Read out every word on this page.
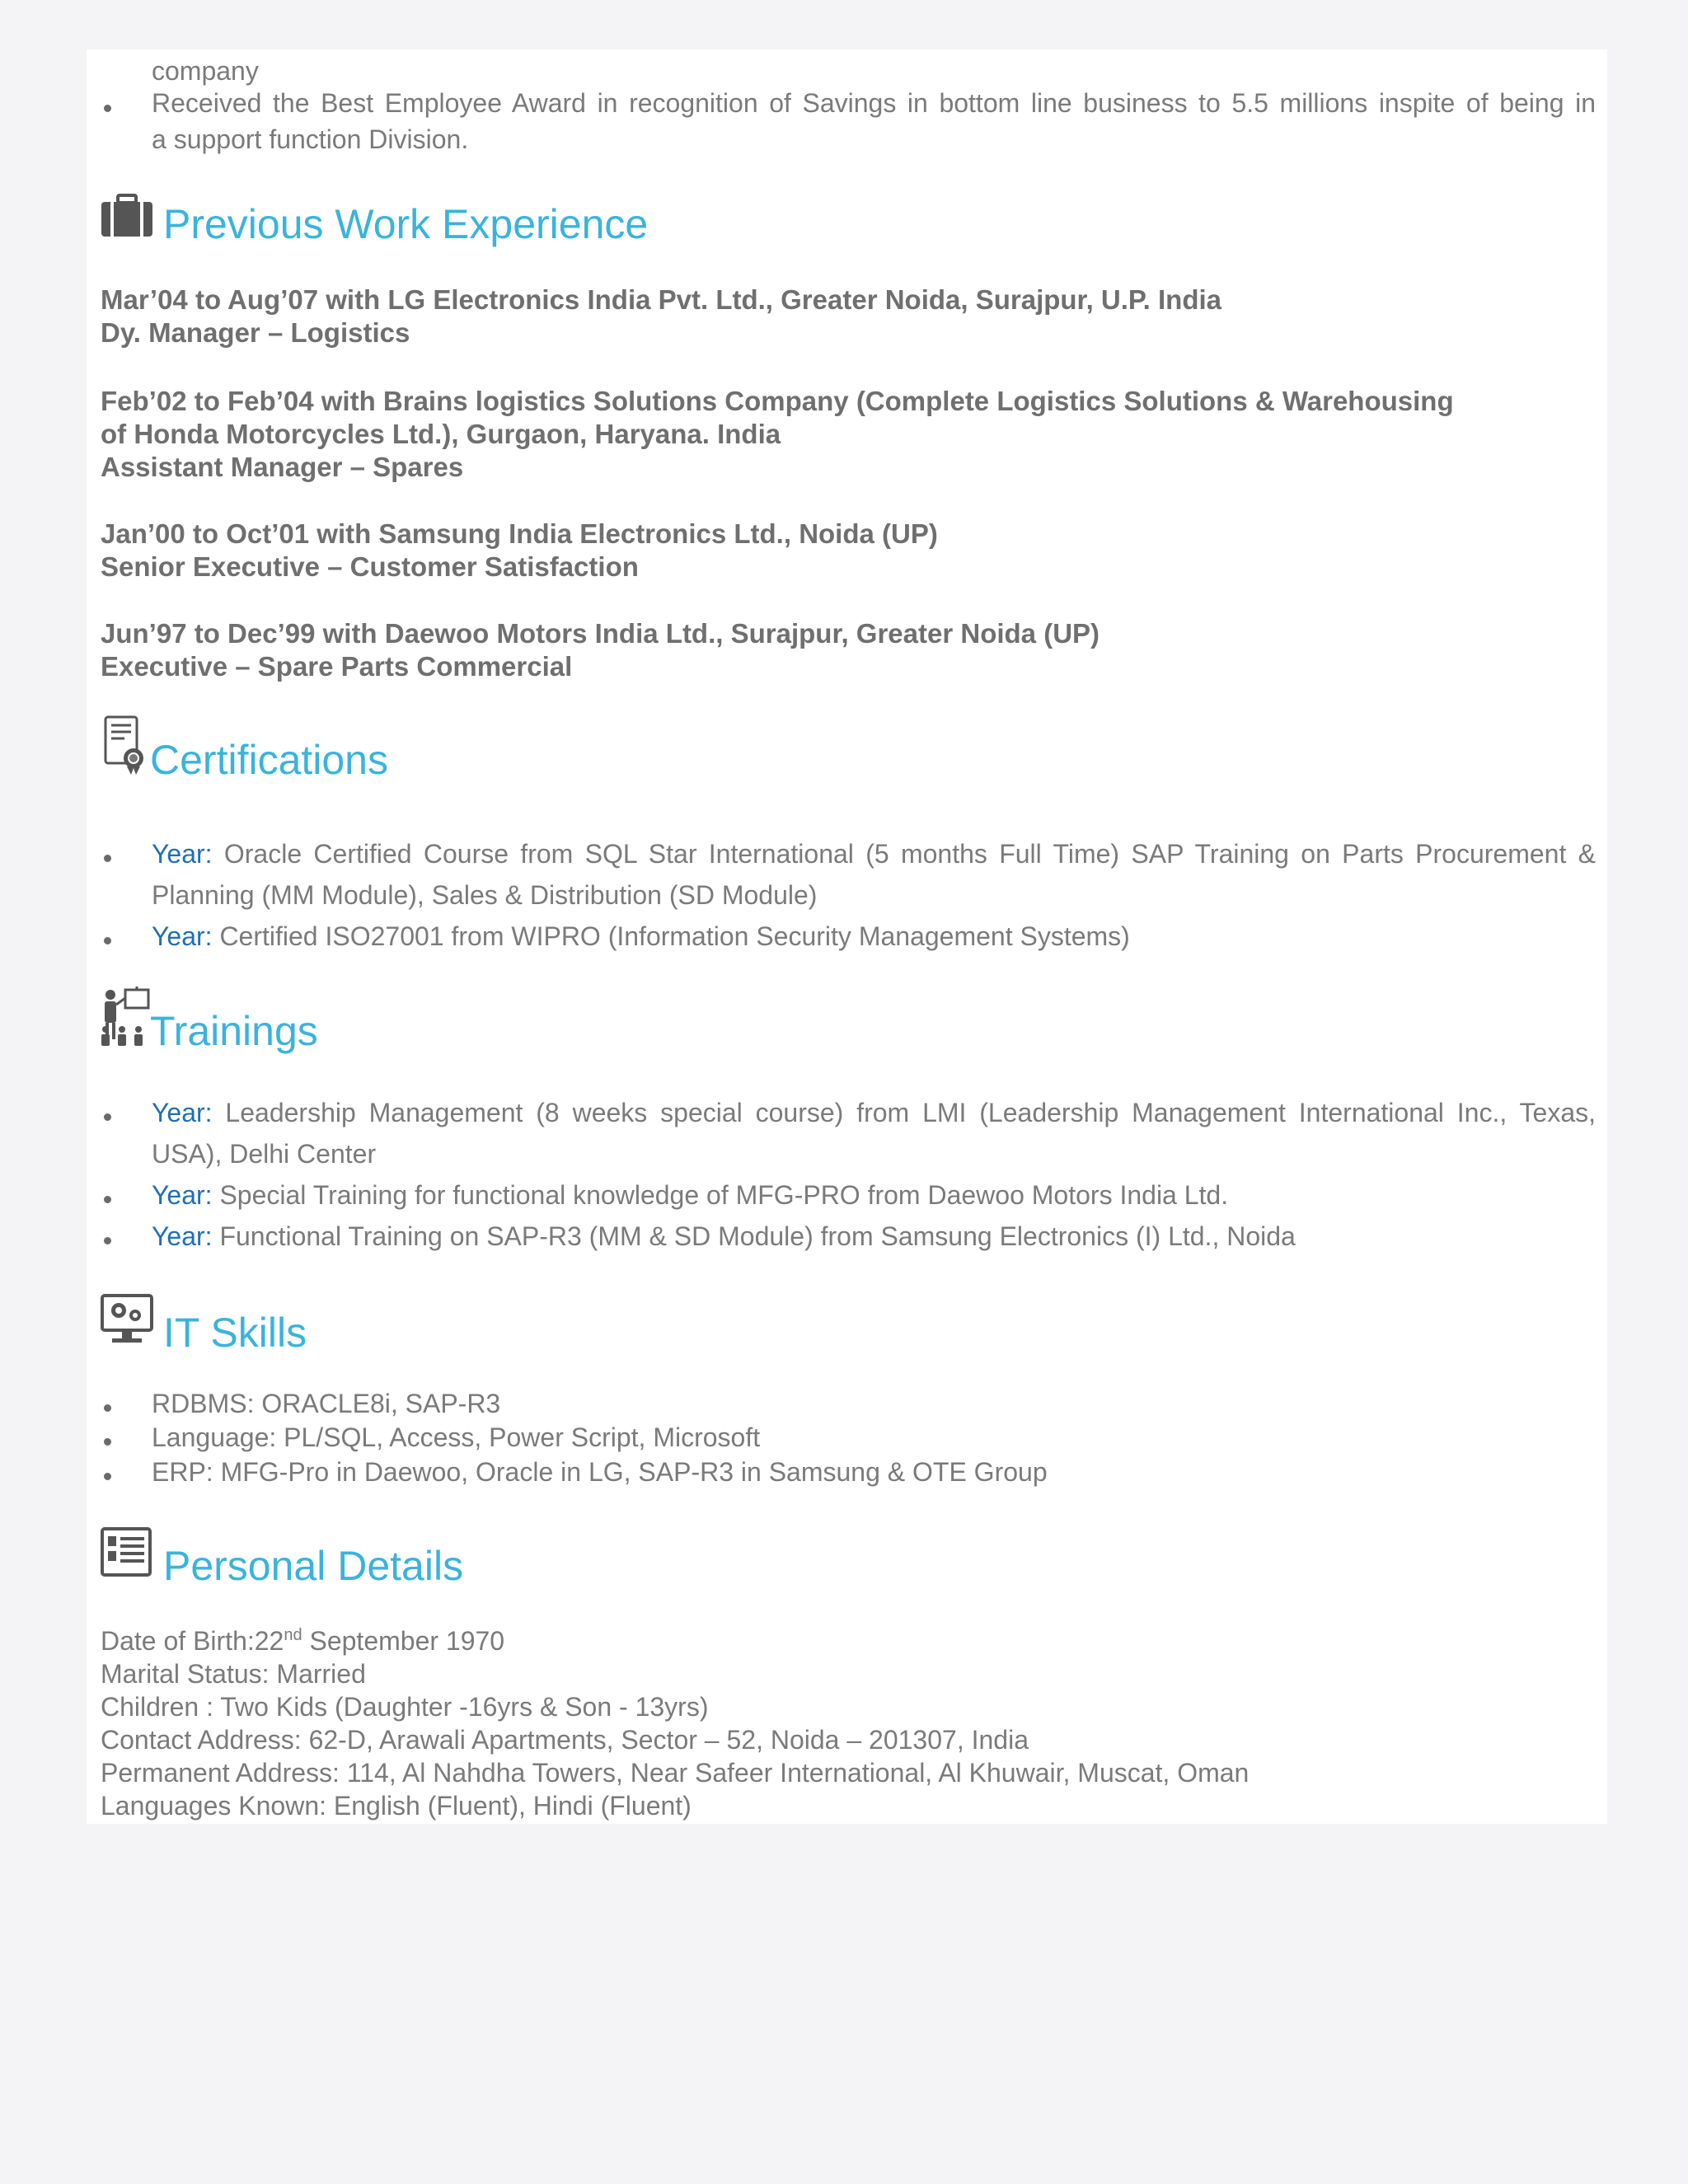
company
Received the Best Employee Award in recognition of Savings in bottom line business to 5.5 millions inspite of being in
a support function Division.
Previous Work Experience
Mar’04 to Aug’07 with LG Electronics India Pvt. Ltd., Greater Noida, Surajpur, U.P. India
Dy. Manager – Logistics
Feb’02 to Feb’04 with Brains logistics Solutions Company (Complete Logistics Solutions & Warehousing
of Honda Motorcycles Ltd.), Gurgaon, Haryana. India
Assistant Manager – Spares
Jan’00 to Oct’01 with Samsung India Electronics Ltd., Noida (UP)
Senior Executive – Customer Satisfaction
Jun’97 to Dec’99 with Daewoo Motors India Ltd., Surajpur, Greater Noida (UP)
Executive – Spare Parts Commercial
Certifications
Year: Oracle Certified Course from SQL Star International (5 months Full Time) SAP Training on Parts Procurement &
Planning (MM Module), Sales & Distribution (SD Module)
Year: Certified ISO27001 from WIPRO (Information Security Management Systems)
Trainings
Year: Leadership Management (8 weeks special course) from LMI (Leadership Management International Inc., Texas,
USA), Delhi Center
Year: Special Training for functional knowledge of MFG-PRO from Daewoo Motors India Ltd.
Year: Functional Training on SAP-R3 (MM & SD Module) from Samsung Electronics (I) Ltd., Noida
IT Skills
RDBMS: ORACLE8i, SAP-R3
Language: PL/SQL, Access, Power Script, Microsoft
ERP: MFG-Pro in Daewoo, Oracle in LG, SAP-R3 in Samsung & OTE Group
Personal Details
Date of Birth:22nd September 1970
Marital Status: Married
Children : Two Kids (Daughter -16yrs & Son - 13yrs)
Contact Address: 62-D, Arawali Apartments, Sector – 52, Noida – 201307, India
Permanent Address: 114, Al Nahdha Towers, Near Safeer International, Al Khuwair, Muscat, Oman
Languages Known: English (Fluent), Hindi (Fluent)
